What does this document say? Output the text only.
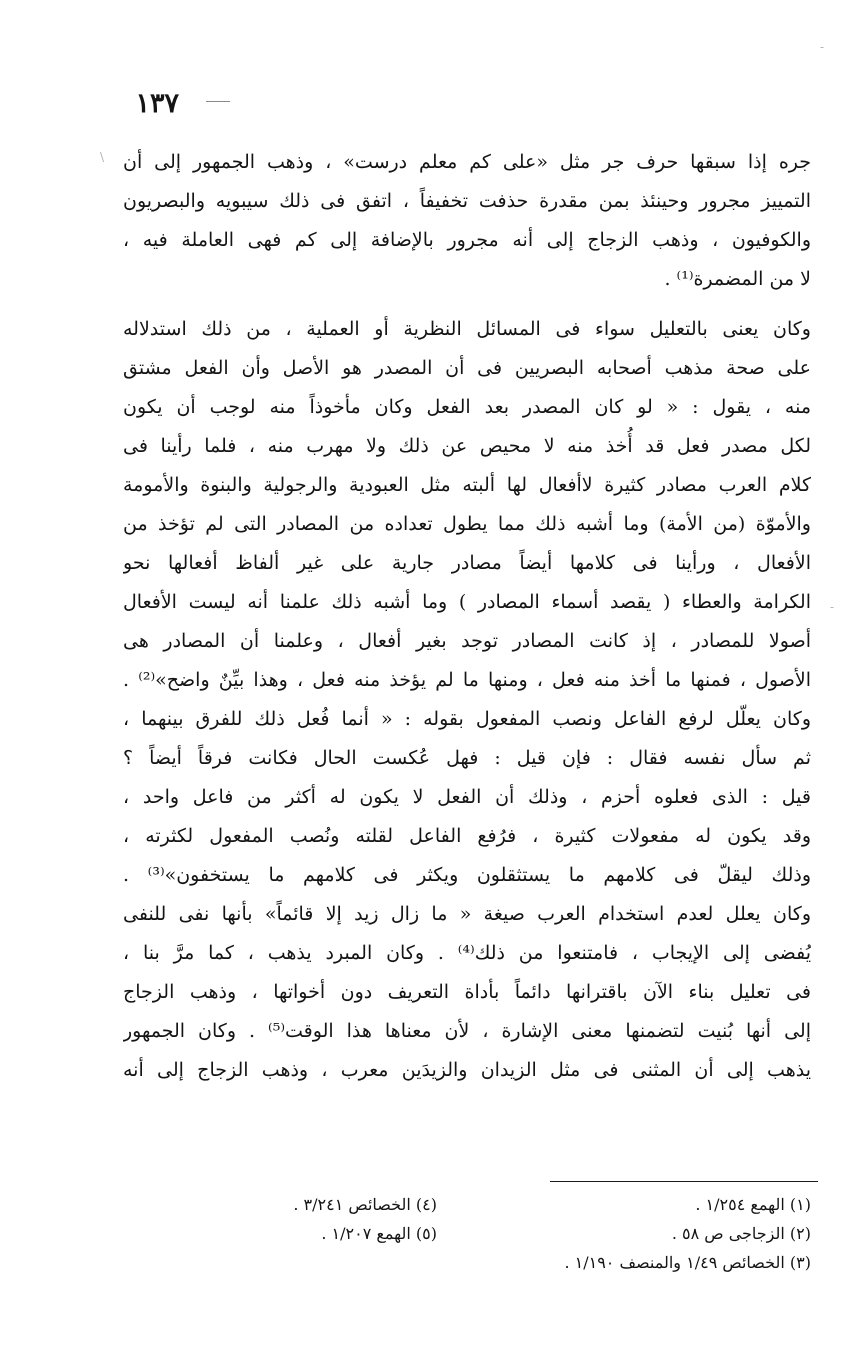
\
‐
-
١٣٧
جره إذا سبقها حرف جر مثل «على كم معلم درست» ، وذهب الجمهور إلى أن
التمييز مجرور وحينئذ بمن مقدرة حذفت تخفيفاً ، اتفق فى ذلك سيبويه والبصريون
والكوفيون ، وذهب الزجاج إلى أنه مجرور بالإضافة إلى كم فهى العاملة فيه ،
لا من المضمرة⁽¹⁾ .
وكان يعنى بالتعليل سواء فى المسائل النظرية أو العملية ، من ذلك استدلاله
على صحة مذهب أصحابه البصريين فى أن المصدر هو الأصل وأن الفعل مشتق
منه ، يقول : « لو كان المصدر بعد الفعل وكان مأخوذاً منه لوجب أن يكون
لكل مصدر فعل قد أُخذ منه لا محيص عن ذلك ولا مهرب منه ، فلما رأينا فى
كلام العرب مصادر كثيرة لاأفعال لها ألبته مثل العبودية والرجولية والبنوة والأمومة
والأموّة (من الأمة) وما أشبه ذلك مما يطول تعداده من المصادر التى لم تؤخذ من
الأفعال ، ورأينا فى كلامها أيضاً مصادر جارية على غير ألفاظ أفعالها نحو
الكرامة والعطاء ( يقصد أسماء المصادر ) وما أشبه ذلك علمنا أنه ليست الأفعال
أصولا للمصادر ، إذ كانت المصادر توجد بغير أفعال ، وعلمنا أن المصادر هى
الأصول ، فمنها ما أخذ منه فعل ، ومنها ما لم يؤخذ منه فعل ، وهذا بيِّنٌ واضح»⁽²⁾ .
وكان يعلّل لرفع الفاعل ونصب المفعول بقوله : « أنما فُعل ذلك للفرق بينهما ،
ثم سأل نفسه فقال : فإن قيل : فهل عُكست الحال فكانت فرقاً أيضاً ؟
قيل : الذى فعلوه أحزم ، وذلك أن الفعل لا يكون له أكثر من فاعل واحد ،
وقد يكون له مفعولات كثيرة ، فرُفع الفاعل لقلته ونُصب المفعول لكثرته ،
وذلك ليقلّ فى كلامهم ما يستثقلون ويكثر فى كلامهم ما يستخفون»⁽³⁾ .
وكان يعلل لعدم استخدام العرب صيغة « ما زال زيد إلا قائماً» بأنها نفى للنفى
يُفضى إلى الإيجاب ، فامتنعوا من ذلك⁽⁴⁾ . وكان المبرد يذهب ، كما مرَّ بنا ،
فى تعليل بناء الآن باقترانها دائماً بأداة التعريف دون أخواتها ، وذهب الزجاج
إلى أنها بُنيت لتضمنها معنى الإشارة ، لأن معناها هذا الوقت⁽⁵⁾ . وكان الجمهور
يذهب إلى أن المثنى فى مثل الزيدان والزيدَين معرب ، وذهب الزجاج إلى أنه
(١) الهمع ١/٢٥٤ .
(٢) الزجاجى ص ٥٨ .
(٣) الخصائص ١/٤٩ والمنصف ١/١٩٠ .
(٤) الخصائص ٣/٢٤١ .
(٥) الهمع ١/٢٠٧ .
